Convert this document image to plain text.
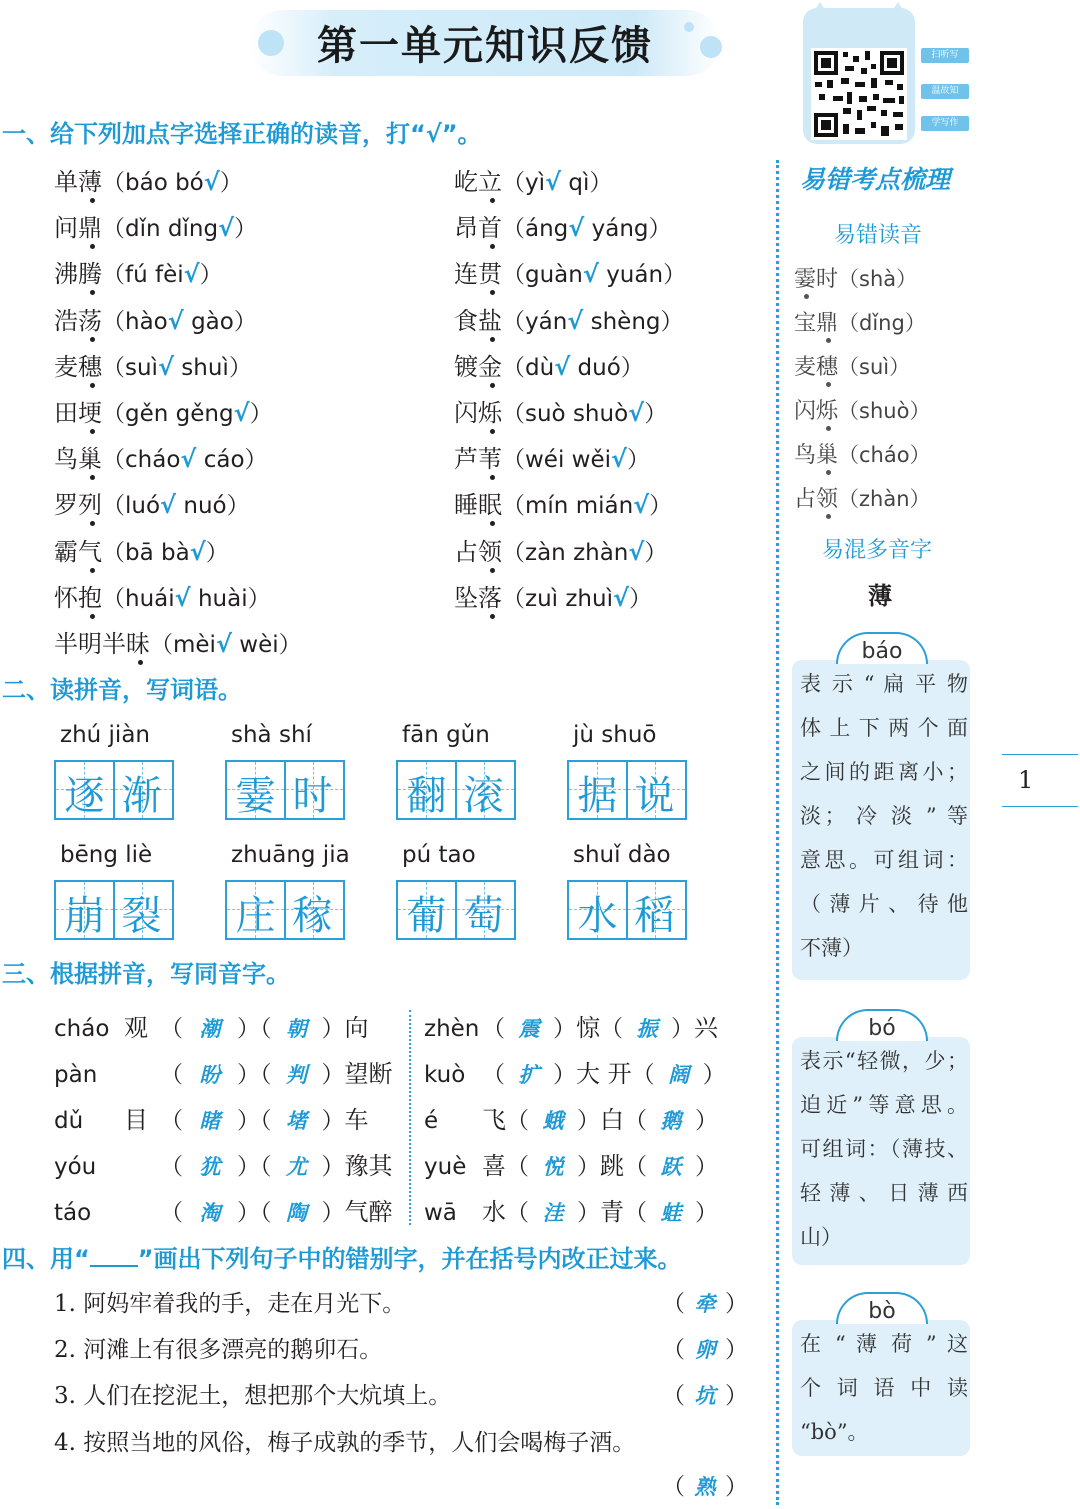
第一单元知识反馈	扫听写
温故知
学写作
易错考点梳理
易错读音
霎时（shà）
宝鼎（dǐng）
麦穗（suì）
闪烁（shuò）
鸟巢（cháo）
占领（zhàn）
易混多音字
薄
báo
表 示 “ 扁 平 物
体 上 下 两 个 面
之间的距离小；
淡； 冷 淡 ” 等
意思。可组词：
（ 薄 片 、 待 他
不薄）
bó
表示“轻微，少；
迫近”等意思。
可组词：（薄技、
轻 薄 、 日 薄 西
山）
bò
在 “ 薄 荷 ” 这
个 词 语 中 读
“bò”。
1
一、给下列加点字选择正确的读音，打“√”。
单薄（báo bó√）
问鼎（dǐn dǐng√）
沸腾（fú fèi√）
浩荡（hào√ gào）
麦穗（suì√ shuì）
田埂（gěn gěng√）
鸟巢（cháo√ cáo）
罗列（luó√ nuó）
霸气（bā bà√）
怀抱（huái√ huài）
半明半昧（mèi√ wèi）
屹立（yì√ qì）
昂首（áng√ yáng）
连贯（guàn√ yuán）
食盐（yán√ shèng）
镀金（dù√ duó）
闪烁（suò shuò√）
芦苇（wéi wěi√）
睡眠（mín mián√）
占领（zàn zhàn√）
坠落（zuì zhuì√）
二、读拼音，写词语。
zhú jiàn
逐 渐
shà shí
霎 时
fān gǔn
翻 滚
jù shuō
据 说
bēng liè
崩 裂
zhuāng jia
庄 稼
pú tao
葡 萄
shuǐ dào
水 稻
三、根据拼音，写同音字。
cháo 观 （ 潮 ）（ 朝 ）向
pàn	（ 盼 ）（ 判 ）望断
dǔ 目 （ 睹 ）（ 堵 ）车
yóu	（ 犹 ）（ 尤 ）豫其
táo	（ 淘 ）（ 陶 ）气醉
zhèn （ 震 ）惊（ 振 ）兴
kuò （ 扩 ）大 开（ 阔 ）
é 飞（ 蛾 ）白（ 鹅 ）
yuè 喜（ 悦 ）跳（ 跃 ）
wā 水（ 洼 ）青（ 蛙 ）
四、用“ ”画出下列句子中的错别字，并在括号内改正过来。
1. 阿妈牢着我的手，走在月光下。	（ 牵 ）
2. 河滩上有很多漂亮的鹅卯石。	（ 卵 ）
3. 人们在挖泥土，想把那个大炕填上。	（ 坑 ）
4. 按照当地的风俗，梅子成孰的季节，人们会喝梅子酒。
（ 熟 ）
